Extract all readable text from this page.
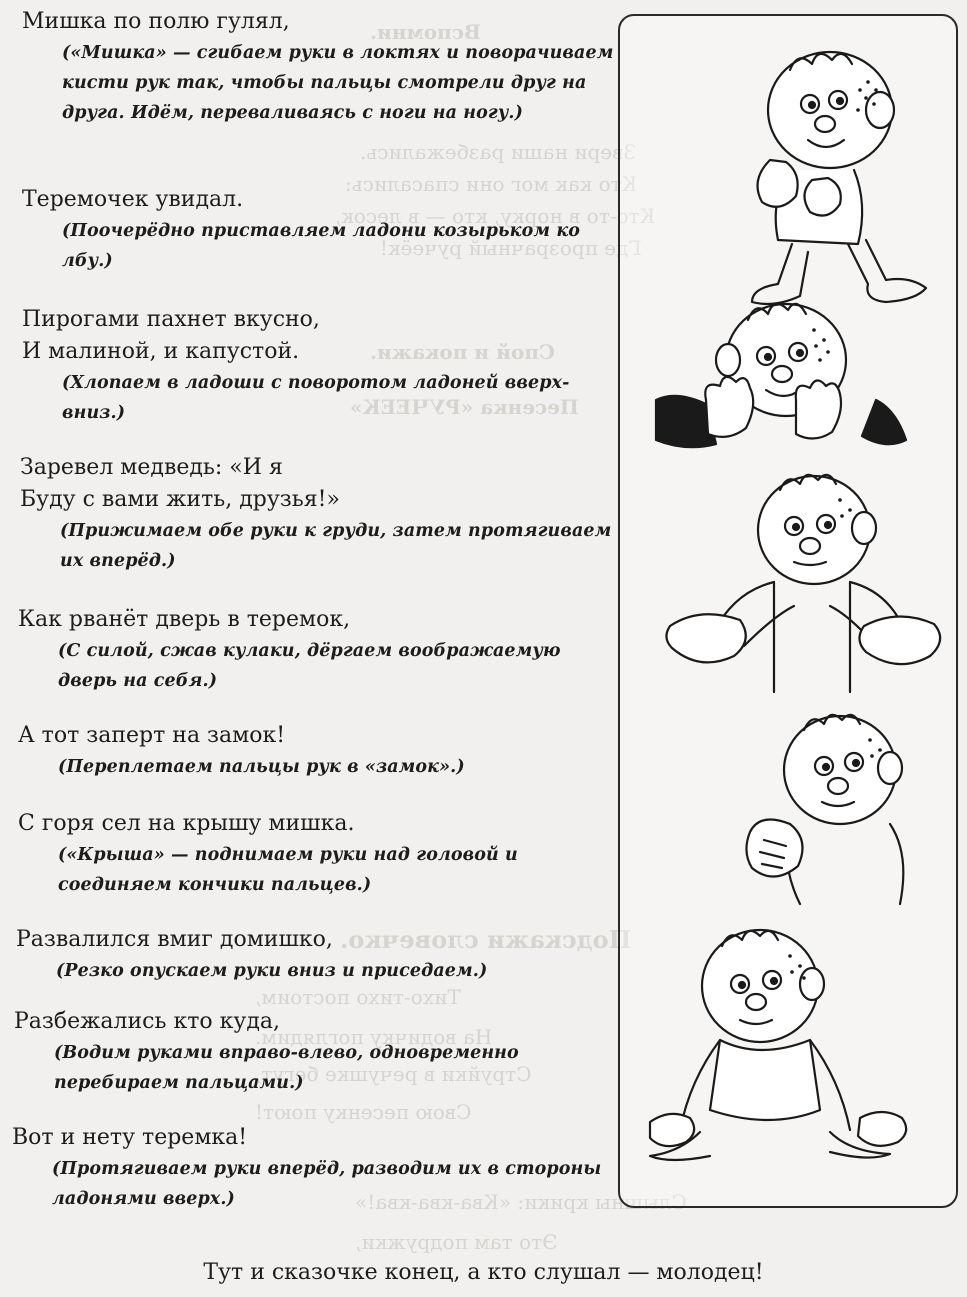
Вспомни.
Звери наши разбежались.
Кто как мог они спасались:
Кто-то в норку, кто — в лесок,
Где прозрачный ручеёк!
Спой и покажи.
Песенка «РУЧЕЕК»
Подскажи словечко.
Тихо-тихо постоим,
На водичку поглядим.
Струйки в речушке бегут,
Свою песенку поют!
Слышны крики: «Ква-ква-ква!»
Это там подружки,
Мишка по полю гулял,
(«Мишка» — сгибаем руки в локтях и поворачиваем кисти рук так, чтобы пальцы смотрели друг на друга. Идём, переваливаясь с ноги на ногу.)
Теремочек увидал.
(Поочерёдно приставляем ладони козырьком ко лбу.)
Пирогами пахнет вкусно,
И малиной, и капустой.
(Хлопаем в ладоши с поворотом ладоней вверх-вниз.)
Заревел медведь: «И я
Буду с вами жить, друзья!»
(Прижимаем обе руки к груди, затем протягиваем их вперёд.)
Как рванёт дверь в теремок,
(С силой, сжав кулаки, дёргаем воображаемую дверь на себя.)
А тот заперт на замок!
(Переплетаем пальцы рук в «замок».)
С горя сел на крышу мишка.
(«Крыша» — поднимаем руки над головой и соединяем кончики пальцев.)
Развалился вмиг домишко,
(Резко опускаем руки вниз и приседаем.)
Разбежались кто куда,
(Водим руками вправо-влево, одновременно перебираем пальцами.)
Вот и нету теремка!
(Протягиваем руки вперёд, разводим их в стороны ладонями вверх.)
Тут и сказочке конец, а кто слушал — молодец!
